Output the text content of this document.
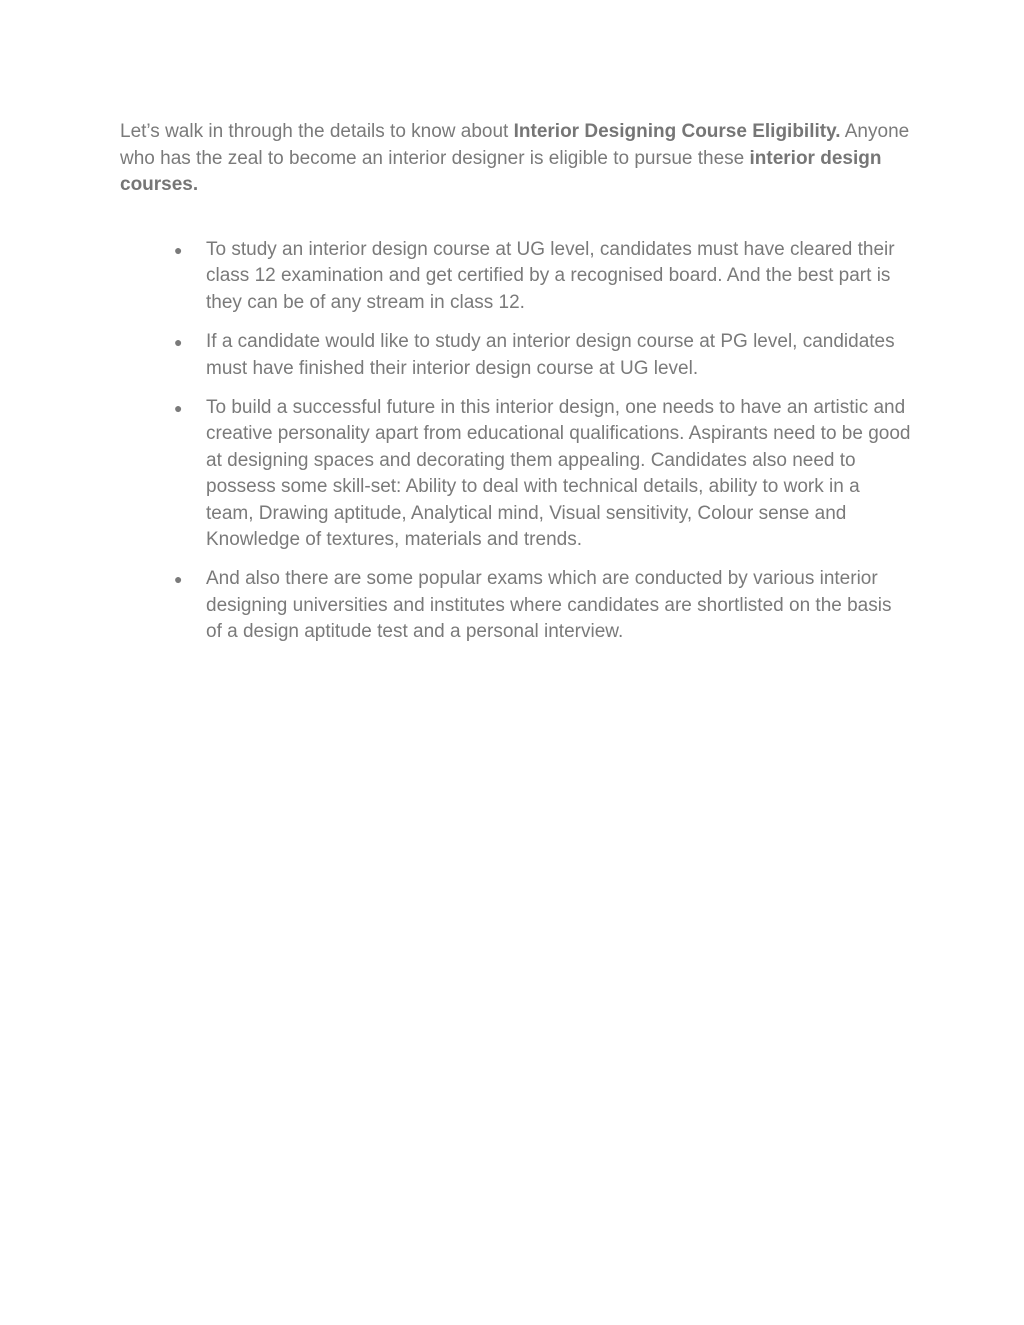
Let’s walk in through the details to know about Interior Designing Course Eligibility. Anyone who has the zeal to become an interior designer is eligible to pursue these interior design courses.

● To study an interior design course at UG level, candidates must have cleared their class 12 examination and get certified by a recognised board. And the best part is they can be of any stream in class 12.
● If a candidate would like to study an interior design course at PG level, candidates must have finished their interior design course at UG level.
● To build a successful future in this interior design, one needs to have an artistic and creative personality apart from educational qualifications. Aspirants need to be good at designing spaces and decorating them appealing. Candidates also need to possess some skill-set: Ability to deal with technical details, ability to work in a team, Drawing aptitude, Analytical mind, Visual sensitivity, Colour sense and Knowledge of textures, materials and trends.
● And also there are some popular exams which are conducted by various interior designing universities and institutes where candidates are shortlisted on the basis of a design aptitude test and a personal interview.
